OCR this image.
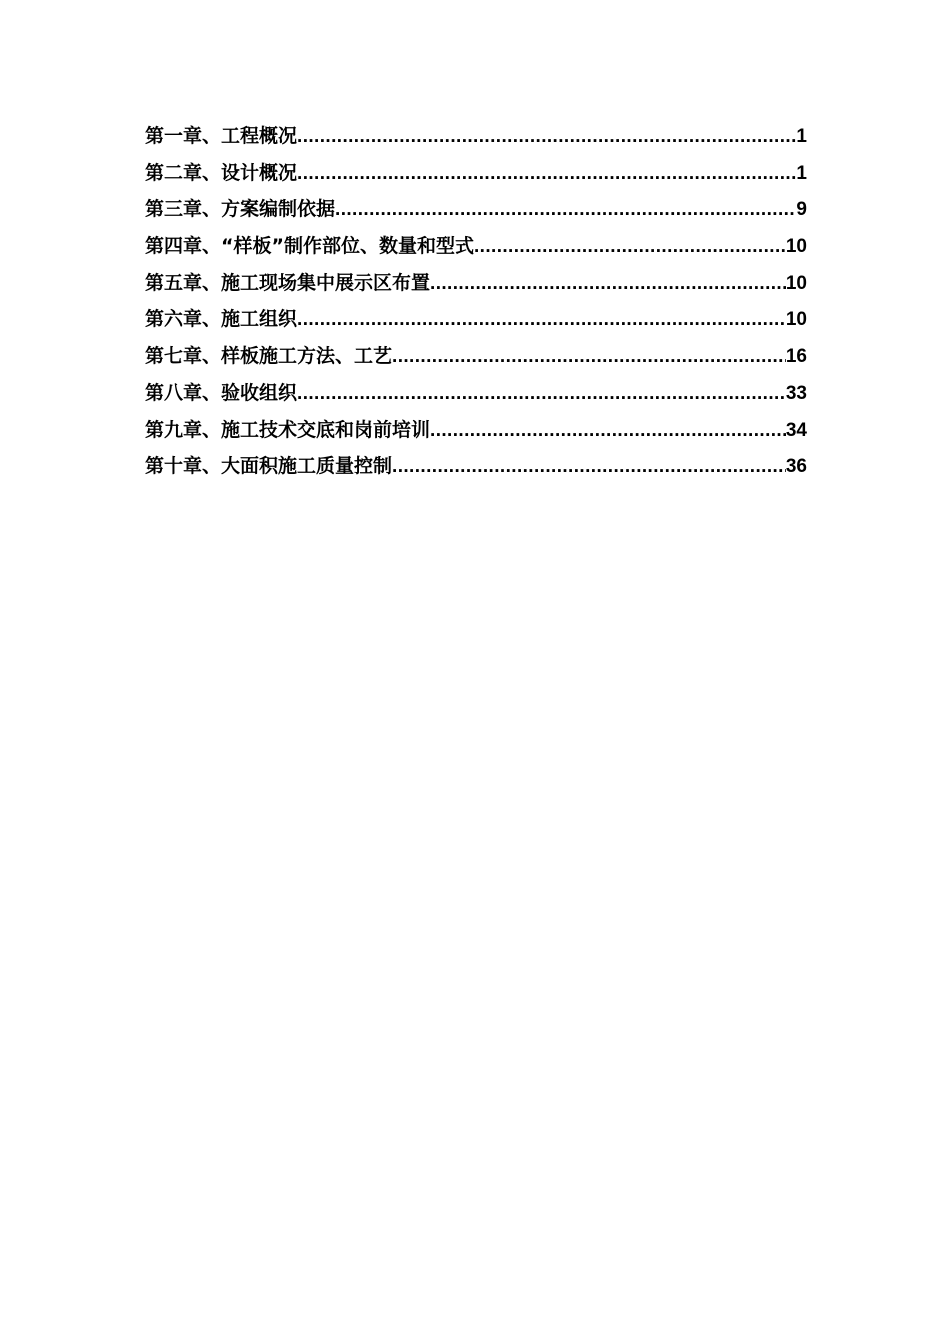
第一章、工程概况 .....	1
第二章、设计概况 .....	1
第三章、方案编制依据 .....	9
第四章、“样板”制作部位、数量和型式 .....	10
第五章、施工现场集中展示区布置 .....	10
第六章、施工组织 .....	10
第七章、样板施工方法、工艺 .....	16
第八章、验收组织 .....	33
第九章、施工技术交底和岗前培训 .....	34
第十章、大面积施工质量控制 .....	36
